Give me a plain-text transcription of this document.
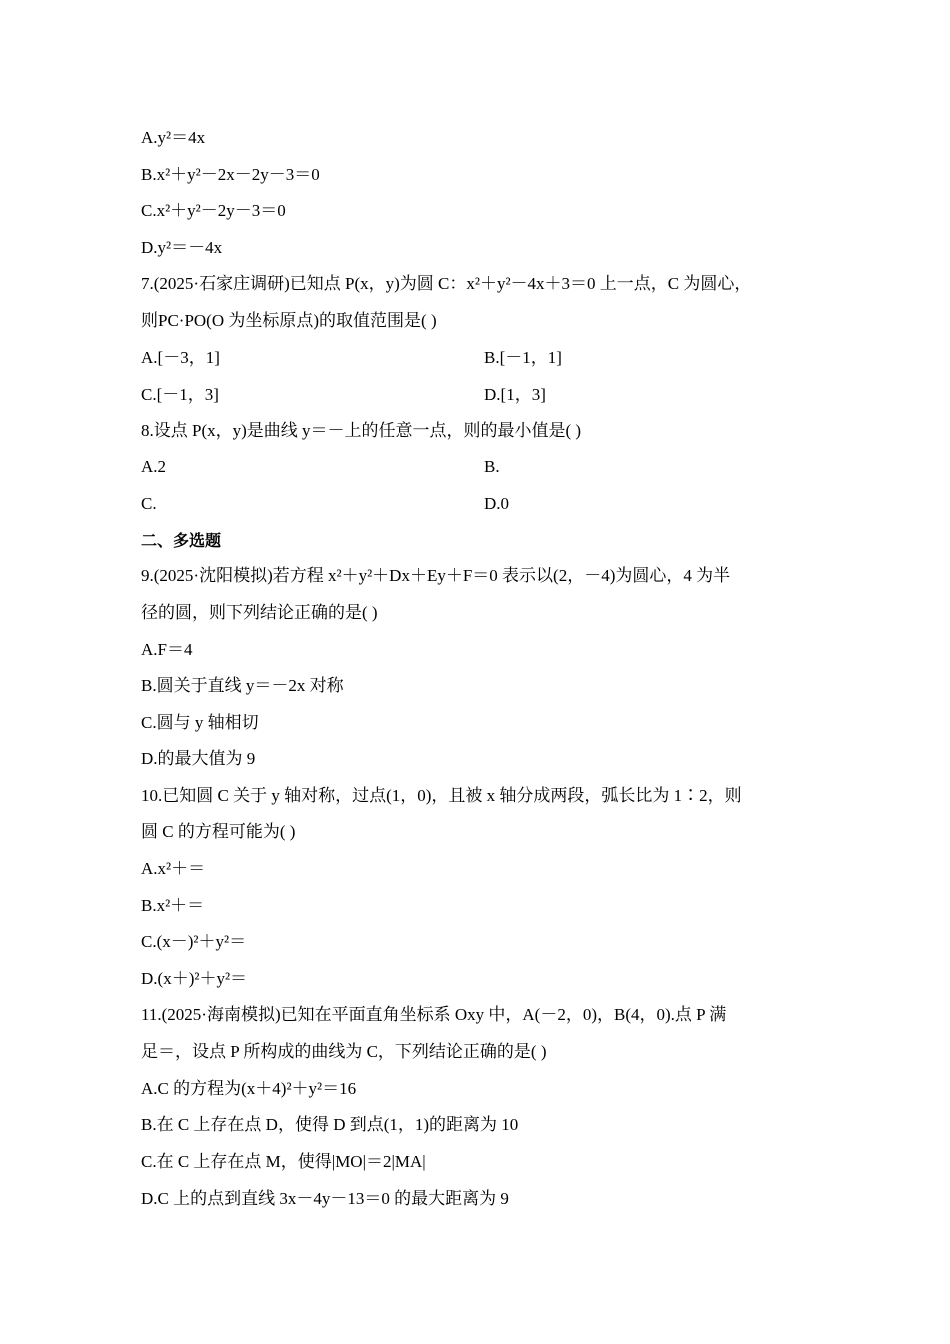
A.y²＝4x
B.x²＋y²－2x－2y－3＝0
C.x²＋y²－2y－3＝0
D.y²＝－4x
7.(2025·石家庄调研)已知点 P(x，y)为圆 C：x²＋y²－4x＋3＝0 上一点，C 为圆心，
则PC·PO(O 为坐标原点)的取值范围是( )
A.[－3，1]	B.[－1，1]
C.[－1，3]	D.[1，3]
8.设点 P(x，y)是曲线 y＝－上的任意一点，则的最小值是( )
A.2	B.
C.	D.0
二、多选题
9.(2025·沈阳模拟)若方程 x²＋y²＋Dx＋Ey＋F＝0 表示以(2，－4)为圆心，4 为半
径的圆，则下列结论正确的是( )
A.F＝4
B.圆关于直线 y＝－2x 对称
C.圆与 y 轴相切
D.的最大值为 9
10.已知圆 C 关于 y 轴对称，过点(1，0)，且被 x 轴分成两段，弧长比为 1∶2，则
圆 C 的方程可能为( )
A.x²＋＝
B.x²＋＝
C.(x－)²＋y²＝
D.(x＋)²＋y²＝
11.(2025·海南模拟)已知在平面直角坐标系 Oxy 中，A(－2，0)，B(4，0).点 P 满
足＝，设点 P 所构成的曲线为 C，下列结论正确的是( )
A.C 的方程为(x＋4)²＋y²＝16
B.在 C 上存在点 D，使得 D 到点(1，1)的距离为 10
C.在 C 上存在点 M，使得|MO|＝2|MA|
D.C 上的点到直线 3x－4y－13＝0 的最大距离为 9
